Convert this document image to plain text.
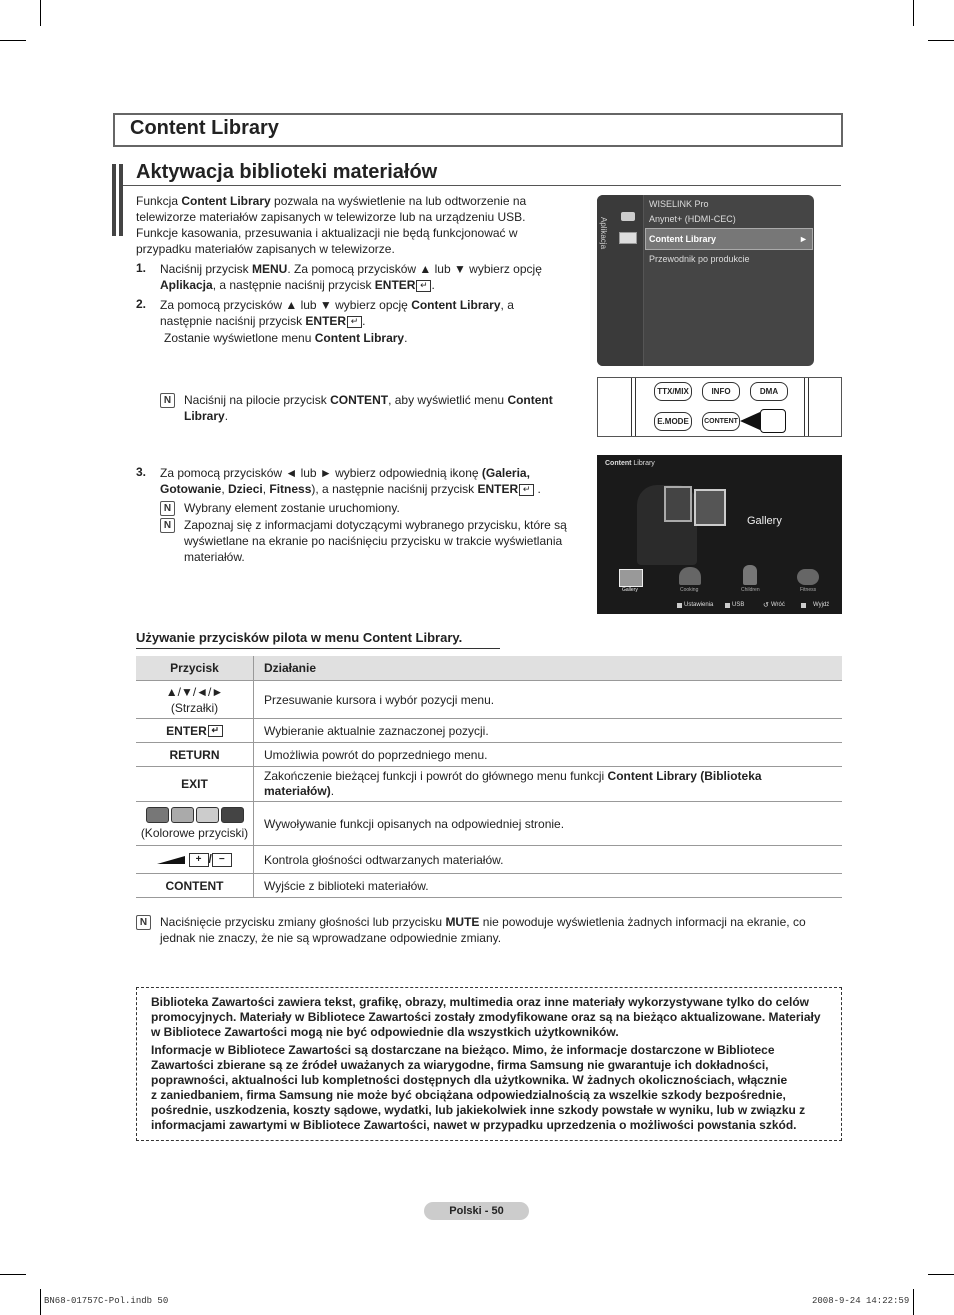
Content Library
Aktywacja biblioteki materiałów
Funkcja Content Library pozwala na wyświetlenie na lub odtworzenie na
telewizorze materiałów zapisanych w telewizorze lub na urządzeniu USB.
Funkcje kasowania, przesuwania i aktualizacji nie będą funkcjonować w
przypadku materiałów zapisanych w telewizorze.
1. Naciśnij przycisk MENU. Za pomocą przycisków ▲ lub ▼ wybierz opcję
Aplikacja, a następnie naciśnij przycisk ENTER ↵ .
2. Za pomocą przycisków ▲ lub ▼ wybierz opcję Content Library, a
następnie naciśnij przycisk ENTER ↵ .
Zostanie wyświetlone menu Content Library.
N	Naciśnij na pilocie przycisk CONTENT, aby wyświetlić menu Content
Library.
3. Za pomocą przycisków ◄ lub ► wybierz odpowiednią ikonę (Galeria,
Gotowanie, Dzieci, Fitness), a następnie naciśnij przycisk ENTER ↵ .
N	Wybrany element zostanie uruchomiony.
N	Zapoznaj się z informacjami dotyczącymi wybranego przycisku, które są
wyświetlane na ekranie po naciśnięciu przycisku w trakcie wyświetlania
materiałów.
Aplikacja
WISELINK Pro
Anynet+ (HDMI-CEC)
Content Library	►
Przewodnik po produkcie
TTX/MIX	INFO	DMA
E.MODE	CONTENT
Content Library
Gallery
Gallery	Cooking	Children	Fitness
Ustawienia	USB	↺ Wróć	Wyjdź
Używanie przycisków pilota w menu Content Library.
Przycisk	Działanie
▲/▼/◄/►
(Strzałki)	Przesuwanie kursora i wybór pozycji menu.
ENTER ↵	Wybieranie aktualnie zaznaczonej pozycji.
RETURN	Umożliwia powrót do poprzedniego menu.
EXIT	Zakończenie bieżącej funkcji i powrót do głównego menu funkcji Content Library (Biblioteka
materiałów).

(Kolorowe przyciski)	Wywoływanie funkcji opisanych na odpowiedniej stronie.
+ / −	Kontrola głośności odtwarzanych materiałów.
CONTENT	Wyjście z biblioteki materiałów.
N	Naciśnięcie przycisku zmiany głośności lub przycisku MUTE nie powoduje wyświetlenia żadnych informacji na ekranie, co
jednak nie znaczy, że nie są wprowadzane odpowiednie zmiany.

Biblioteka Zawartości zawiera tekst, grafikę, obrazy, multimedia oraz inne materiały wykorzystywane tylko do celów

promocyjnych. Materiały w Bibliotece Zawartości zostały zmodyfikowane oraz są na bieżąco aktualizowane. Materiały

w Bibliotece Zawartości mogą nie być odpowiednie dla wszystkich użytkowników.

Informacje w Bibliotece Zawartości są dostarczane na bieżąco. Mimo, że informacje dostarczone w Bibliotece

Zawartości zbierane są ze źródeł uważanych za wiarygodne, firma Samsung nie gwarantuje ich dokładności,

poprawności, aktualności lub kompletności dostępnych dla użytkownika. W żadnych okolicznościach, włącznie

z zaniedbaniem, firma Samsung nie może być obciążana odpowiedzialnością za wszelkie szkody bezpośrednie,

pośrednie, uszkodzenia, koszty sądowe, wydatki, lub jakiekolwiek inne szkody powstałe w wyniku, lub w związku z

informacjami zawartymi w Bibliotece Zawartości, nawet w przypadku uprzedzenia o możliwości powstania szkód.

Polski - 50
BN68-01757C-Pol.indb 50	2008-9-24 14:22:59
